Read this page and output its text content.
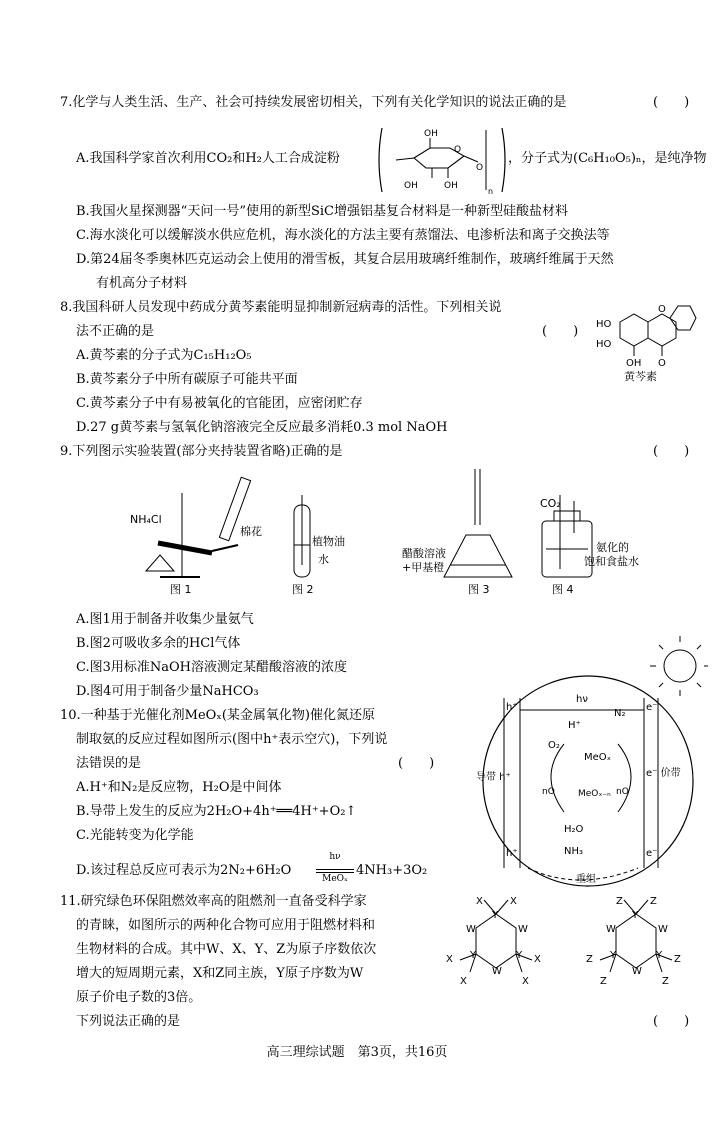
7.化学与人类生活、生产、社会可持续发展密切相关，下列有关化学知识的说法正确的是	(　　)
A.我国科学家首次利用CO₂和H₂人工合成淀粉
OH
O
O
OH
OH
n
，分子式为(C₆H₁₀O₅)ₙ，是纯净物
B.我国火星探测器“天问一号”使用的新型SiC增强铝基复合材料是一种新型硅酸盐材料
C.海水淡化可以缓解淡水供应危机，海水淡化的方法主要有蒸馏法、电渗析法和离子交换法等
D.第24届冬季奥林匹克运动会上使用的滑雪板，其复合层用玻璃纤维制作，玻璃纤维属于天然
有机高分子材料
8.我国科研人员发现中药成分黄芩素能明显抑制新冠病毒的活性。下列相关说
法不正确的是	(　　)
A.黄芩素的分子式为C₁₅H₁₂O₅
B.黄芩素分子中所有碳原子可能共平面
C.黄芩素分子中有易被氧化的官能团，应密闭贮存
D.27 g黄芩素与氢氧化钠溶液完全反应最多消耗0.3 mol NaOH
HO
HO
OH O
O
黄芩素
9.下列图示实验装置(部分夹持装置省略)正确的是	(　　)
NH₄Cl
棉花
图 1
植物油
水
图 2
醋酸溶液
+甲基橙
图 3
CO₂
氨化的
饱和食盐水
图 4
A.图1用于制备并收集少量氨气
B.图2可吸收多余的HCl气体
C.图3用标准NaOH溶液测定某醋酸溶液的浓度
D.图4可用于制备少量NaHCO₃
10.一种基于光催化剂MeOₓ(某金属氧化物)催化氮还原
制取氨的反应过程如图所示(图中h⁺表示空穴)，下列说
法错误的是	(　　)
A.H⁺和N₂是反应物，H₂O是中间体
B.导带上发生的反应为2H₂O+4h⁺══4H⁺+O₂↑
C.光能转变为化学能
D.该过程总反应可表示为2N₂+6H₂O
hν
MeOₓ
4NH₃+3O₂
hν
h⁺
H⁺
N₂
e⁻
O₂
MeOₓ
MeOₓ₋ₙ
nO	nO
导带 h⁺	e⁻ 价带
H₂O
NH₃
h⁺	e⁻
重组
11.研究绿色环保阻燃效率高的阻燃剂一直备受科学家
的青睐，如图所示的两种化合物可应用于阻燃材料和
生物材料的合成。其中W、X、Y、Z为原子序数依次
增大的短周期元素，X和Z同主族，Y原子序数为W
原子价电子数的3倍。
下列说法正确的是	(　　)
X
Y
X
W	W
X Y	Y X
W
X	X
Z
Y
Z
W	W
Z Y	Y Z
W
Z	Z
高三理综试题　第3页，共16页
